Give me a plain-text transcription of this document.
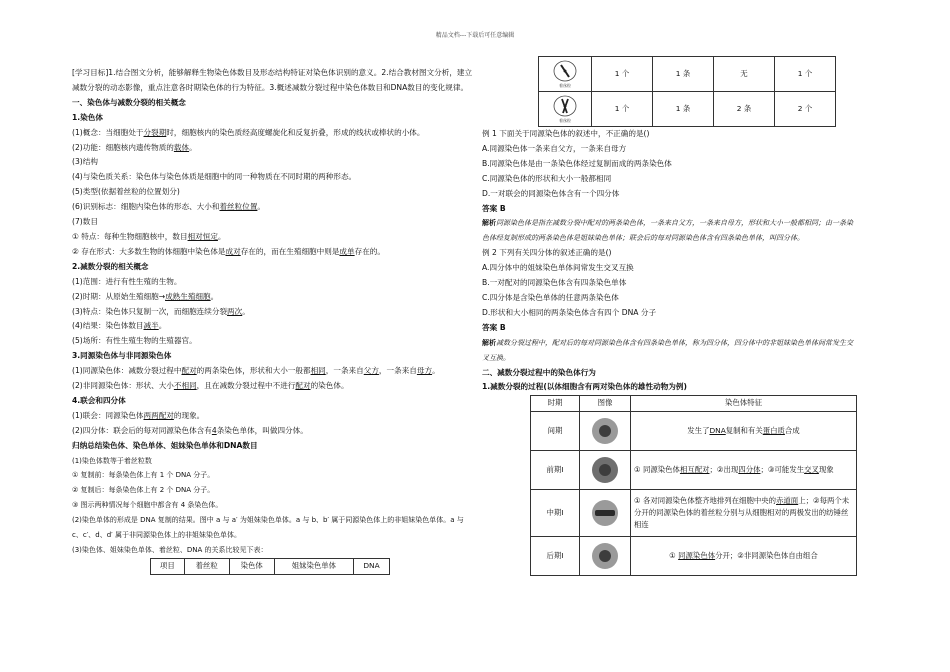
精品文档---下载后可任意编辑

[学习目标]1.结合图文分析，能够解释生物染色体数目及形态结构特证对染色体识别的意义。2.结合教材图文分析，建立减数分裂的动态影像，重点注意各时期染色体的行为特征。3.概述减数分裂过程中染色体数目和DNA数目的变化规律。

一、染色体与减数分裂的相关概念

1.染色体

(1)概念：当细胞处于分裂期时，细胞核内的染色质经高度螺旋化和反复折叠，形成的线状或棒状的小体。

(2)功能：细胞核内遗传物质的载体。

(3)结构

(4)与染色质关系：染色体与染色体质是细胞中的同一种物质在不同时期的两种形态。

(5)类型(依据着丝粒的位置划分)

(6)识别标志：细胞内染色体的形态、大小和着丝粒位置。

(7)数目

① 特点：每种生物细胞核中，数目相对恒定。

② 存在形式：大多数生物的体细胞中染色体是成对存在的，而在生殖细胞中则是成单存在的。

2.减数分裂的相关概念

(1)范围：进行有性生殖的生物。

(2)时期：从原始生殖细胞→成熟生殖细胞。

(3)特点：染色体只复制一次，而细胞连续分裂两次。

(4)结果：染色体数目减半。

(5)场所：有性生殖生物的生殖器官。

3.同源染色体与非同源染色体

(1)同源染色体：减数分裂过程中配对的两条染色体，形状和大小一般都相同，一条来自父方，一条来自母方。

(2)非同源染色体：形状、大小不相同，且在减数分裂过程中不进行配对的染色体。

4.联会和四分体

(1)联会：同源染色体两两配对的现象。

(2)四分体：联会后的每对同源染色体含有4条染色单体，叫做四分体。

归纳总结染色体、染色单体、姐妹染色单体和DNA数目

(1)染色体数等于着丝粒数

① 复制前：每条染色体上有 1 个 DNA 分子。

② 复制后：每条染色体上有 2 个 DNA 分子。

③ 图示两种情况每个细胞中都含有 4 条染色体。

(2)染色单体的形成是 DNA 复制的结果。图中 a 与 a′ 为姐妹染色单体。a 与 b、b′ 属于同源染色体上的非姐妹染色单体。a 与 c、c′、d、d′ 属于非同源染色体上的非姐妹染色单体。

(3)染色体、姐妹染色单体、着丝粒、DNA 的关系比较见下表：

项目	着丝粒	染色体	姐妹染色单体	DNA
着丝粒	1 个	1 条	无	1 个

着丝粒	1 个	1 条	2 条	2 个

例 1 下面关于同源染色体的叙述中，不正确的是()

A.同源染色体一条来自父方，一条来自母方

B.同源染色体是由一条染色体经过复制而成的两条染色体

C.同源染色体的形状和大小一般都相同

D.一对联会的同源染色体含有一个四分体

答案 B

解析同源染色体是指在减数分裂中配对的两条染色体，一条来自父方，一条来自母方，形状和大小一般都相同；由一条染色体经复制形成的两条染色体是姐妹染色单体；联会后的每对同源染色体含有四条染色单体，叫四分体。

例 2 下列有关四分体的叙述正确的是()

A.四分体中的姐妹染色单体间常发生交叉互换

B.一对配对的同源染色体含有四条染色单体

C.四分体是含染色单体的任意两条染色体

D.形状和大小相同的两条染色体含有四个 DNA 分子

答案 B

解析减数分裂过程中，配对后的每对同源染色体含有四条染色单体，称为四分体，四分体中的非姐妹染色单体间常发生交叉互换。

二、减数分裂过程中的染色体行为

1.减数分裂的过程(以体细胞含有两对染色体的雄性动物为例)

时期	图像	染色体特征
间期		发生了DNA复制和有关蛋白质合成
前期Ⅰ		① 同源染色体相互配对；②出现四分体；③可能发生交叉现象
中期Ⅰ		① 各对同源染色体整齐地排列在细胞中央的赤道面上；②每两个未分开的同源染色体的着丝粒分别与从细胞相对的两极发出的纺锤丝相连
后期Ⅰ		① 同源染色体分开；②非同源染色体自由组合
